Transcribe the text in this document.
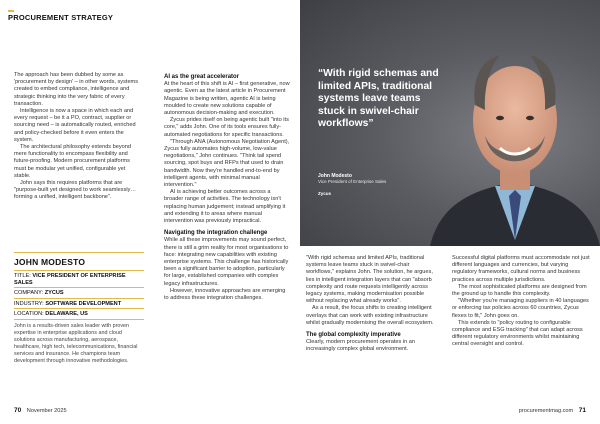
PROCUREMENT STRATEGY

The approach has been dubbed by some as 'procurement by design' – in other words, systems created to embed compliance, intelligence and strategic thinking into the very fabric of every transaction.

Intelligence is now a space in which each and every request – be it a PO, contract, supplier or sourcing need – is automatically routed, enriched and policy-checked before it even enters the system.

The architectural philosophy extends beyond mere functionality to encompass flexibility and future-proofing. Modern procurement platforms must be modular yet unified, configurable yet stable.

John says this requires platforms that are "purpose-built yet designed to work seamlessly… forming a unified, intelligent backbone".

AI as the great accelerator

At the heart of this shift is AI – first generative, now agentic. Even as the latest article in Procurement Magazine is being written, agentic AI is being moulded to create new solutions capable of autonomous decision-making and execution.

Zycus prides itself on being agentic built "into its core," adds John. One of its tools ensures fully-automated negotiations for specific transactions.

"Through ANA (Autonomous Negotiation Agent), Zycus fully automates high-volume, low-value negotiations," John continues. "Think tail spend sourcing, spot buys and RFPs that used to drain bandwidth. Now they're handled end-to-end by intelligent agents, with minimal manual intervention."

AI is achieving better outcomes across a broader range of activities. The technology isn't replacing human judgement; instead amplifying it and extending it to areas where manual intervention was previously impractical.

Navigating the integration challenge

While all these improvements may sound perfect, there is still a grim reality for most organisations to face: integrating new capabilities with existing enterprise systems. This challenge has historically been a significant barrier to adoption, particularly for large, established companies with complex legacy infrastructures.

However, innovative approaches are emerging to address these integration challenges.

“With rigid schemas and limited APIs, traditional systems leave teams stuck in swivel-chair workflows”
John Modesto
Vice President of Enterprise Sales
Zycus

"With rigid schemas and limited APIs, traditional systems leave teams stuck in swivel-chair workflows," explains John. The solution, he argues, lies in intelligent integration layers that can "absorb complexity and route requests intelligently across legacy systems, making modernisation possible without replacing what already works".

As a result, the focus shifts to creating intelligent overlays that can work with existing infrastructure whilst gradually modernising the overall ecosystem.

The global complexity imperative

Clearly, modern procurement operates in an increasingly complex global environment.

Successful digital platforms must accommodate not just different languages and currencies, but varying regulatory frameworks, cultural norms and business practices across multiple jurisdictions.

The most sophisticated platforms are designed from the ground up to handle this complexity.

"Whether you're managing suppliers in 40 languages or enforcing tax policies across 60 countries, Zycus flexes to fit," John goes on.

This extends to "policy routing to configurable compliance and ESG tracking" that can adapt across different regulatory environments whilst maintaining central oversight and control.

JOHN MODESTO
TITLE: VICE PRESIDENT OF ENTERPRISE SALES
COMPANY: ZYCUS
INDUSTRY: SOFTWARE DEVELOPMENT
LOCATION: DELAWARE, US
John is a results-driven sales leader with proven expertise in enterprise applications and cloud solutions across manufacturing, aerospace, healthcare, high tech, telecommunications, financial services and insurance. He champions team development through innovative methodologies.
70 November 2025	procurementmag.com 71
